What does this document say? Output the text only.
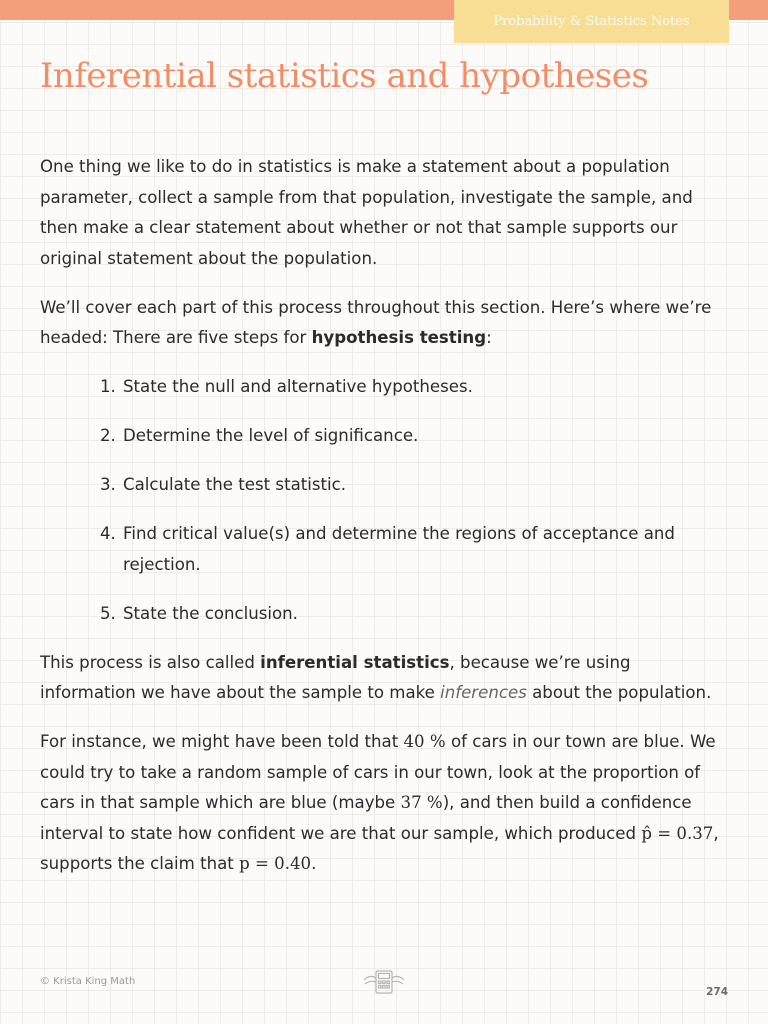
Probability & Statistics Notes
Inferential statistics and hypotheses

One thing we like to do in statistics is make a statement about a population parameter, collect a sample from that population, investigate the sample, and then make a clear statement about whether or not that sample supports our original statement about the population.

We’ll cover each part of this process throughout this section. Here’s where we’re headed: There are five steps for hypothesis testing:

1. State the null and alternative hypotheses.
2. Determine the level of significance.
3. Calculate the test statistic.
4. Find critical value(s) and determine the regions of acceptance and rejection.
5. State the conclusion.

This process is also called inferential statistics, because we’re using information we have about the sample to make inferences about the population.

For instance, we might have been told that 40 % of cars in our town are blue. We could try to take a random sample of cars in our town, look at the proportion of cars in that sample which are blue (maybe 37 %), and then build a confidence interval to state how confident we are that our sample, which produced p̂ = 0.37, supports the claim that p = 0.40.

© Krista King Math
274
